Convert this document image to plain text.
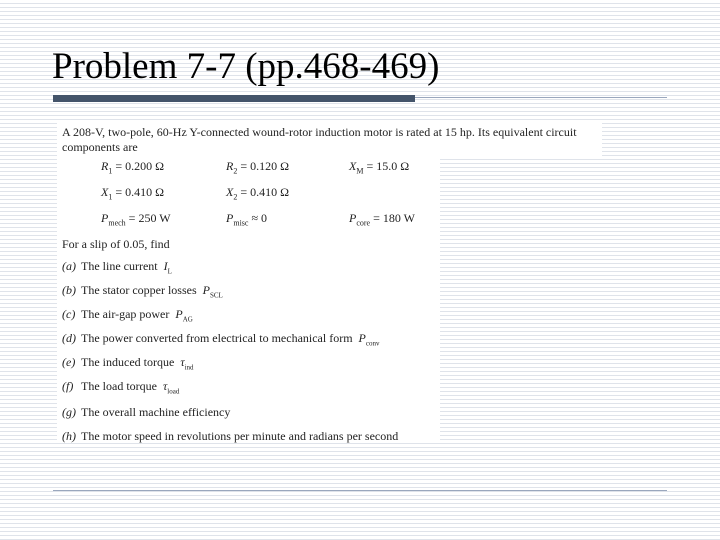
Problem 7-7 (pp.468-469)
A 208-V, two-pole, 60-Hz Y-connected wound-rotor induction motor is rated at 15 hp. Its equivalent circuit components are
$R_1 = 0.200$ Ω	$R_2 = 0.120$ Ω	$X_M = 15.0$ Ω
$X_1 = 0.410$ Ω	$X_2 = 0.410$ Ω
$P_{mech} = 250$ W	$P_{misc} \approx 0$	$P_{core} = 180$ W
For a slip of 0.05, find
(a) The line current $I_L$
(b) The stator copper losses $P_{SCL}$
(c) The air-gap power $P_{AG}$
(d) The power converted from electrical to mechanical form $P_{conv}$
(e) The induced torque $\tau_{ind}$
(f) The load torque $\tau_{load}$
(g) The overall machine efficiency
(h) The motor speed in revolutions per minute and radians per second
